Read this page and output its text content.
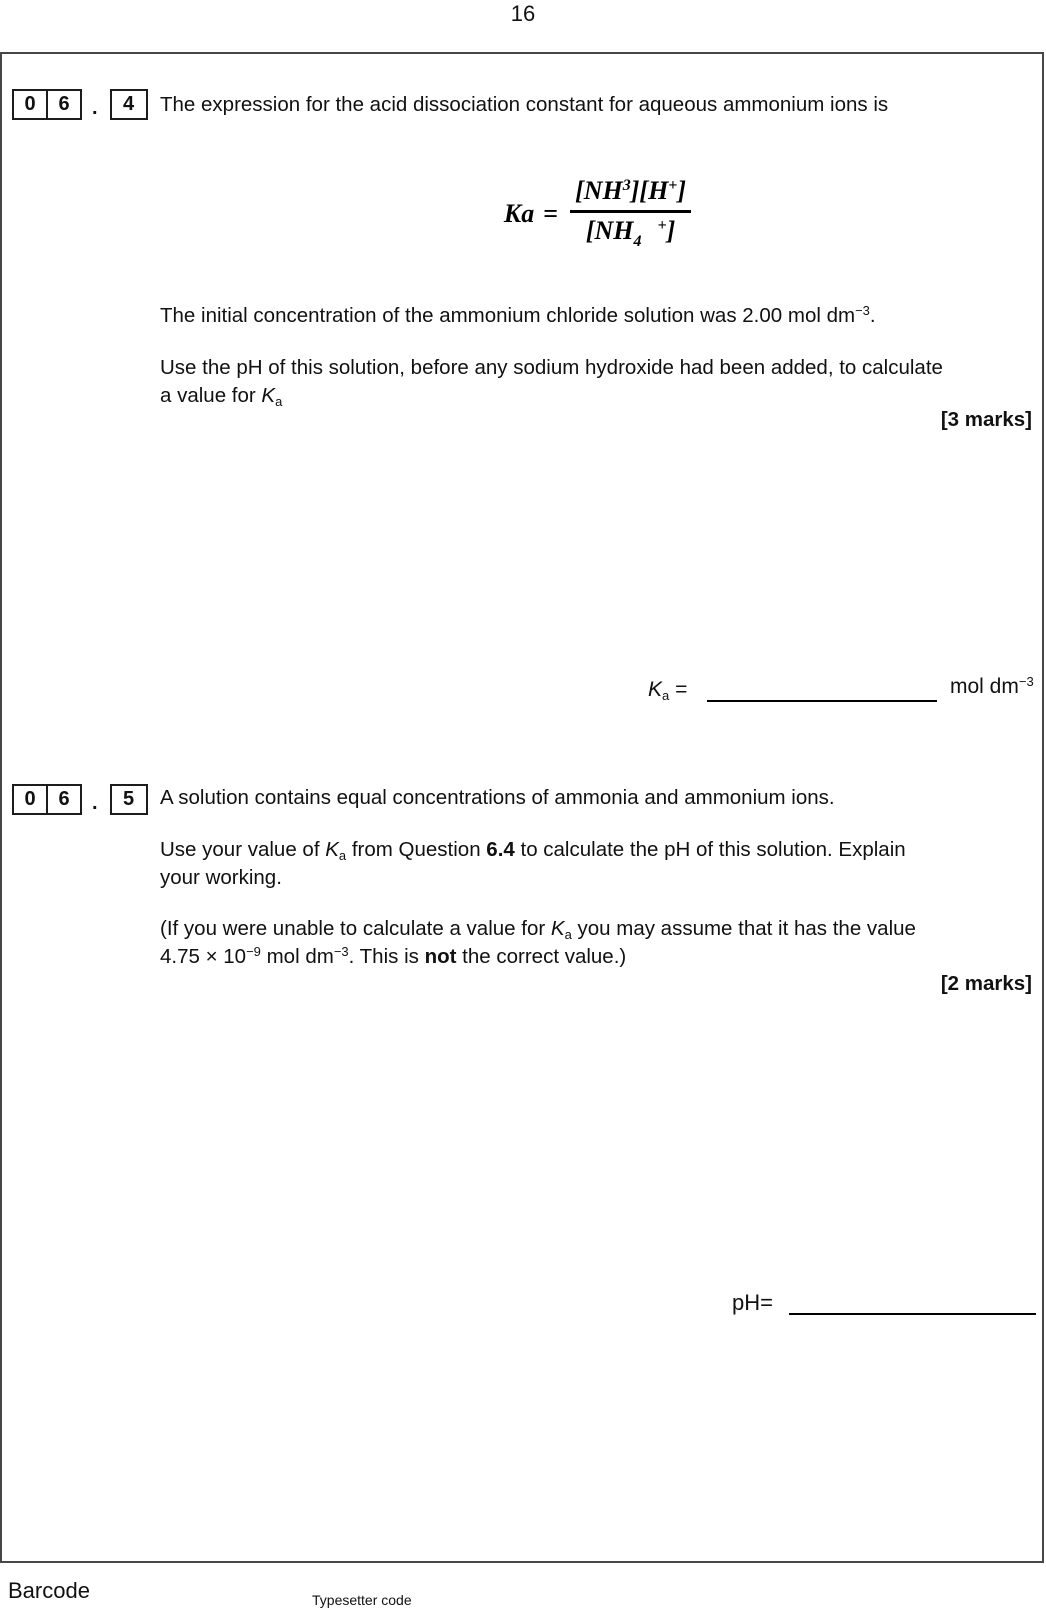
16
0	6	.	4	The expression for the acid dissociation constant for aqueous ammonium ions is
$Ka = \frac{[NH^3][H^+]}{[NH_4^+]}$
The initial concentration of the ammonium chloride solution was 2.00 mol $dm^{-3}$.
Use the pH of this solution, before any sodium hydroxide had been added, to calculate
a value for $K_a$
[3 marks]
$K_a$ =	mol $dm^{-3}$
0	6	.	5	A solution contains equal concentrations of ammonia and ammonium ions.
Use your value of $K_a$ from Question 6.4 to calculate the pH of this solution. Explain
your working.
(If you were unable to calculate a value for $K_a$ you may assume that it has the value
$4.75 \times 10^{-9}$ mol $dm^{-3}$. This is not the correct value.)
[2 marks]
pH=
Barcode	Typesetter code
